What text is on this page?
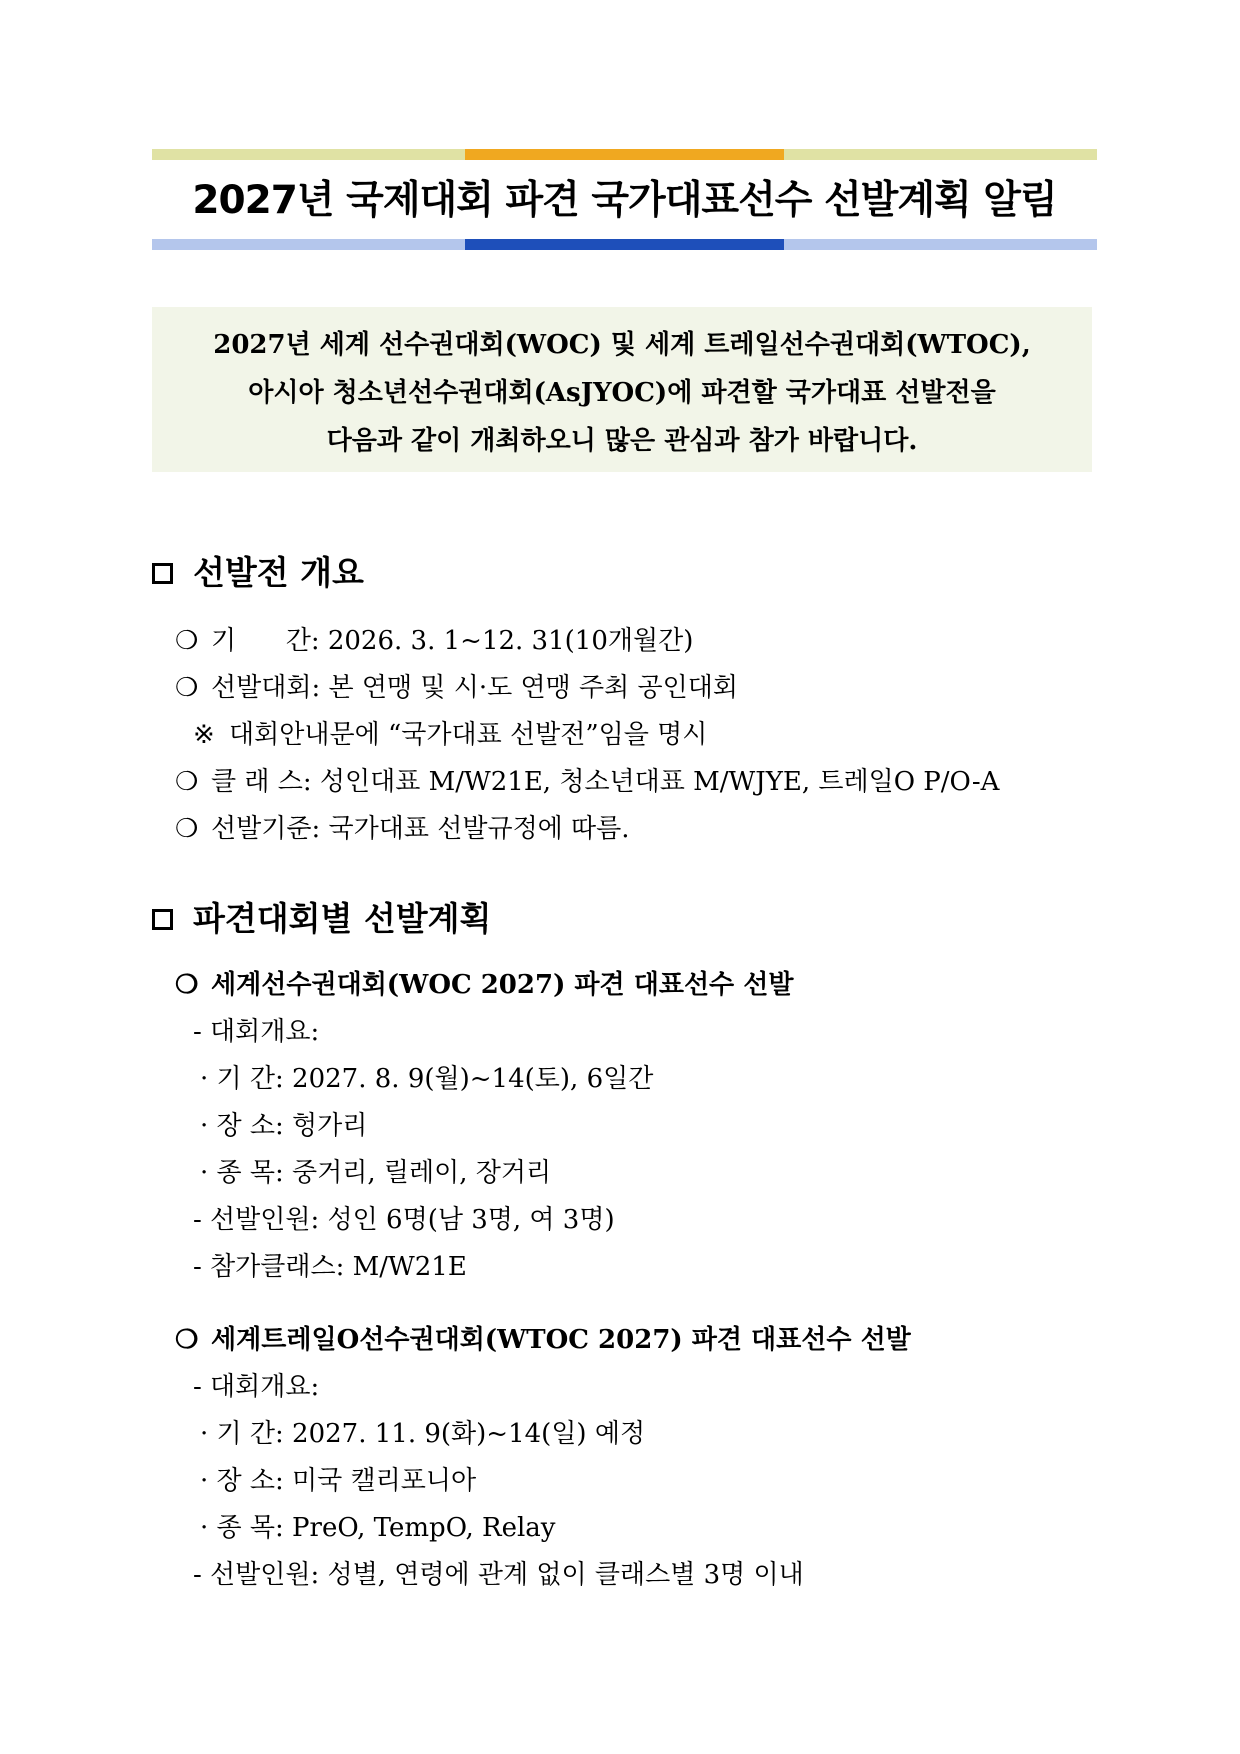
2027년 국제대회 파견 국가대표선수 선발계획 알림

2027년 세계 선수권대회(WOC) 및 세계 트레일선수권대회(WTOC),

아시아 청소년선수권대회(AsJYOC)에 파견할 국가대표 선발전을

다음과 같이 개최하오니 많은 관심과 참가 바랍니다.

선발전 개요
❍ 기      간: 2026. 3. 1~12. 31(10개월간)
❍ 선발대회: 본 연맹 및 시·도 연맹 주최 공인대회
※ 대회안내문에 “국가대표 선발전”임을 명시
❍ 클 래 스: 성인대표 M/W21E, 청소년대표 M/WJYE, 트레일O P/O-A
❍ 선발기준: 국가대표 선발규정에 따름.
파견대회별 선발계획
❍ 세계선수권대회(WOC 2027) 파견 대표선수 선발
- 대회개요:
· 기 간: 2027. 8. 9(월)~14(토), 6일간
· 장 소: 헝가리
· 종 목: 중거리, 릴레이, 장거리
- 선발인원: 성인 6명(남 3명, 여 3명)
- 참가클래스: M/W21E
❍ 세계트레일O선수권대회(WTOC 2027) 파견 대표선수 선발
- 대회개요:
· 기 간: 2027. 11. 9(화)~14(일) 예정
· 장 소: 미국 캘리포니아
· 종 목: PreO, TempO, Relay
- 선발인원: 성별, 연령에 관계 없이 클래스별 3명 이내
